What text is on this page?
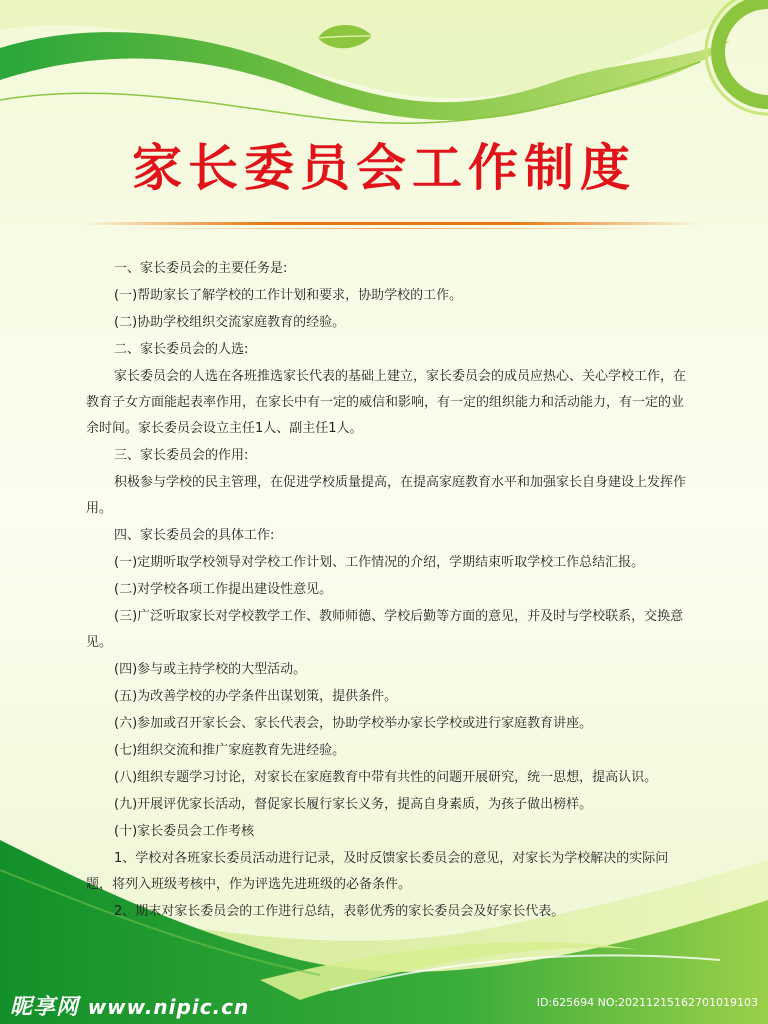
家长委员会工作制度

一、家长委员会的主要任务是:

(一)帮助家长了解学校的工作计划和要求，协助学校的工作。

(二)协助学校组织交流家庭教育的经验。

二、家长委员会的人选:

家长委员会的人选在各班推选家长代表的基础上建立，家长委员会的成员应热心、关心学校工作，在教育子女方面能起表率作用，在家长中有一定的威信和影响，有一定的组织能力和活动能力，有一定的业余时间。家长委员会设立主任1人、副主任1人。

三、家长委员会的作用:

积极参与学校的民主管理，在促进学校质量提高，在提高家庭教育水平和加强家长自身建设上发挥作用。

四、家长委员会的具体工作:

(一)定期听取学校领导对学校工作计划、工作情况的介绍，学期结束听取学校工作总结汇报。

(二)对学校各项工作提出建设性意见。

(三)广泛听取家长对学校教学工作、教师师德、学校后勤等方面的意见，并及时与学校联系，交换意见。

(四)参与或主持学校的大型活动。

(五)为改善学校的办学条件出谋划策，提供条件。

(六)参加或召开家长会、家长代表会，协助学校举办家长学校或进行家庭教育讲座。

(七)组织交流和推广家庭教育先进经验。

(八)组织专题学习讨论，对家长在家庭教育中带有共性的问题开展研究，统一思想，提高认识。

(九)开展评优家长活动，督促家长履行家长义务，提高自身素质，为孩子做出榜样。

(十)家长委员会工作考核

1、学校对各班家长委员活动进行记录，及时反馈家长委员会的意见，对家长为学校解决的实际问题，将列入班级考核中，作为评选先进班级的必备条件。

2、期末对家长委员会的工作进行总结，表彰优秀的家长委员会及好家长代表。

昵享网 www.nipic.cn	ID:625694 NO:20211215162701019103
